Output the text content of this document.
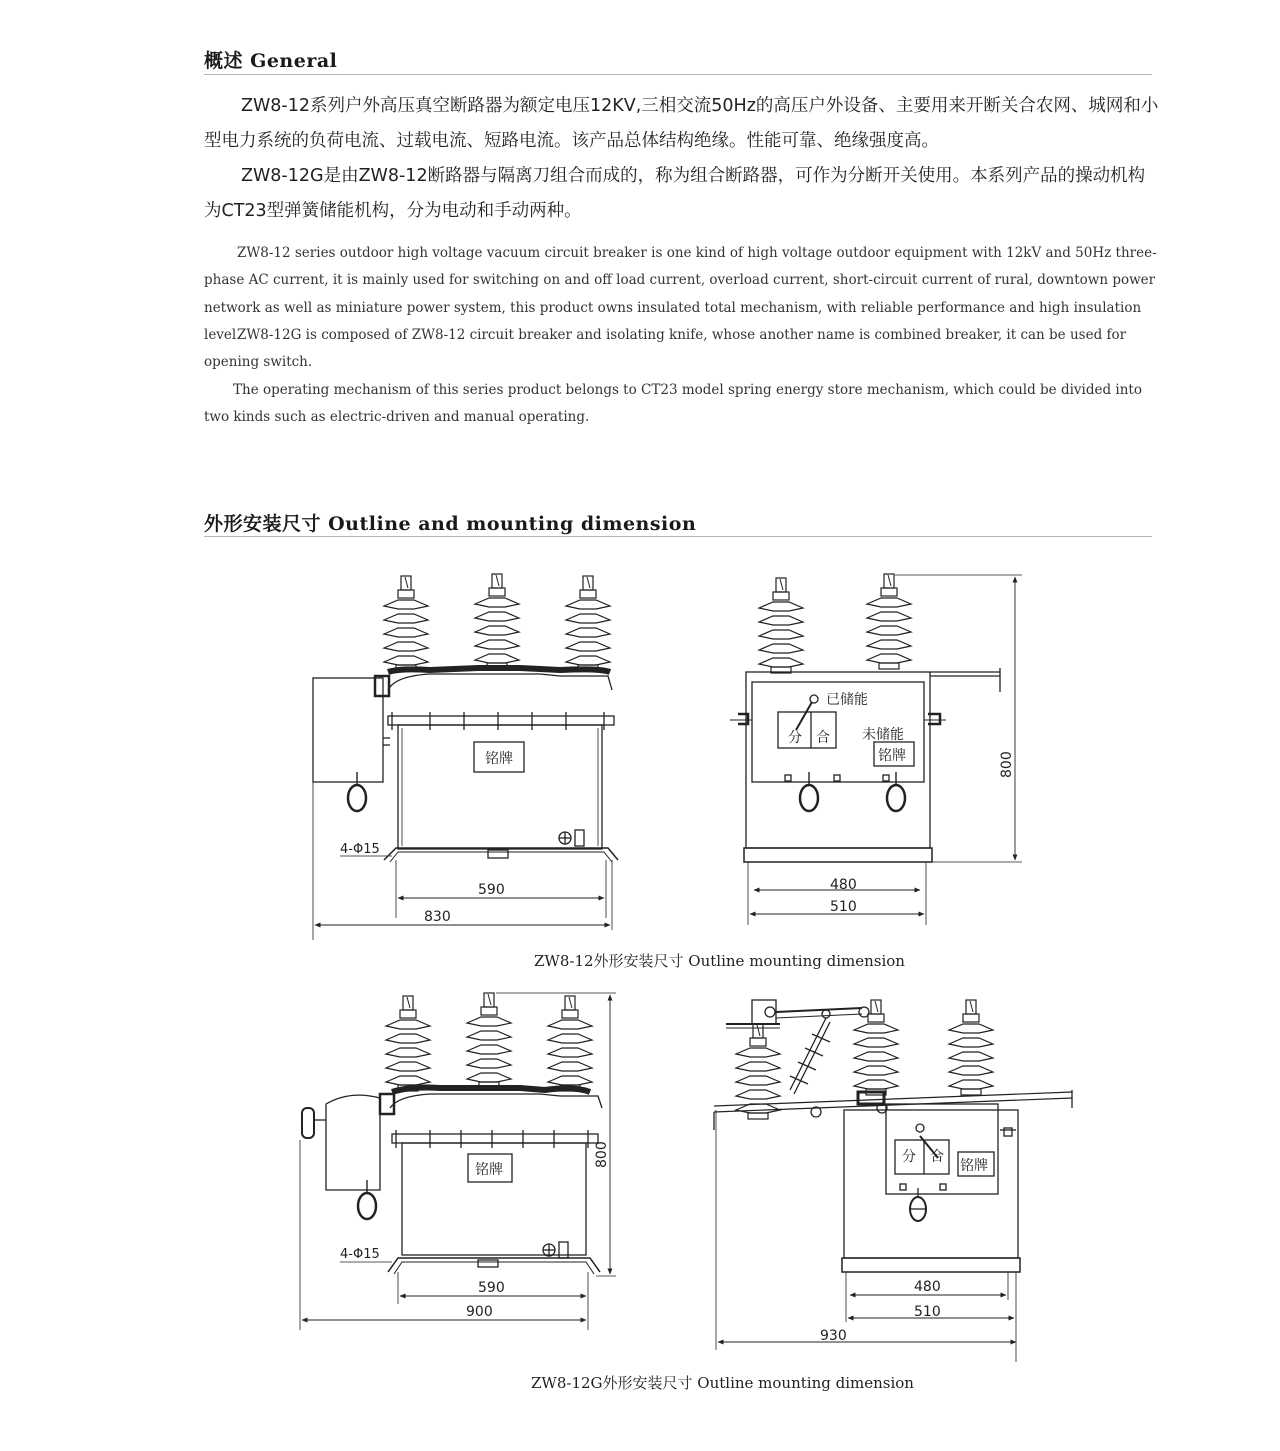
概述 General

ZW8-12系列户外高压真空断路器为额定电压12KV,三相交流50Hz的高压户外设备、主要用来开断关合农网、城网和小型电力系统的负荷电流、过载电流、短路电流。该产品总体结构绝缘。性能可靠、绝缘强度高。

ZW8-12G是由ZW8-12断路器与隔离刀组合而成的，称为组合断路器，可作为分断开关使用。本系列产品的操动机构为CT23型弹簧储能机构，分为电动和手动两种。

ZW8-12 series outdoor high voltage vacuum circuit breaker is one kind of high voltage outdoor equipment with 12kV and 50Hz three-phase AC current, it is mainly used for switching on and off load current, overload current, short-circuit current of rural, downtown power network as well as miniature power system, this product owns insulated total mechanism, with reliable performance and high insulation level.

ZW8-12G is composed of ZW8-12 circuit breaker and isolating knife, whose another name is combined breaker, it can be used for opening switch.

The operating mechanism of this series product belongs to CT23 model spring energy store mechanism, which could be divided into two kinds such as electric-driven and manual operating.

外形安装尺寸 Outline and mounting dimension
4-Φ15
铭牌
590
830
已储能
未储能
分 合
铭牌
480
510
800
4-Φ15
铭牌
590
900
800	分 合
铭牌
480
510
930

ZW8-12外形安装尺寸 Outline mounting dimension

ZW8-12G外形安装尺寸 Outline mounting dimension
